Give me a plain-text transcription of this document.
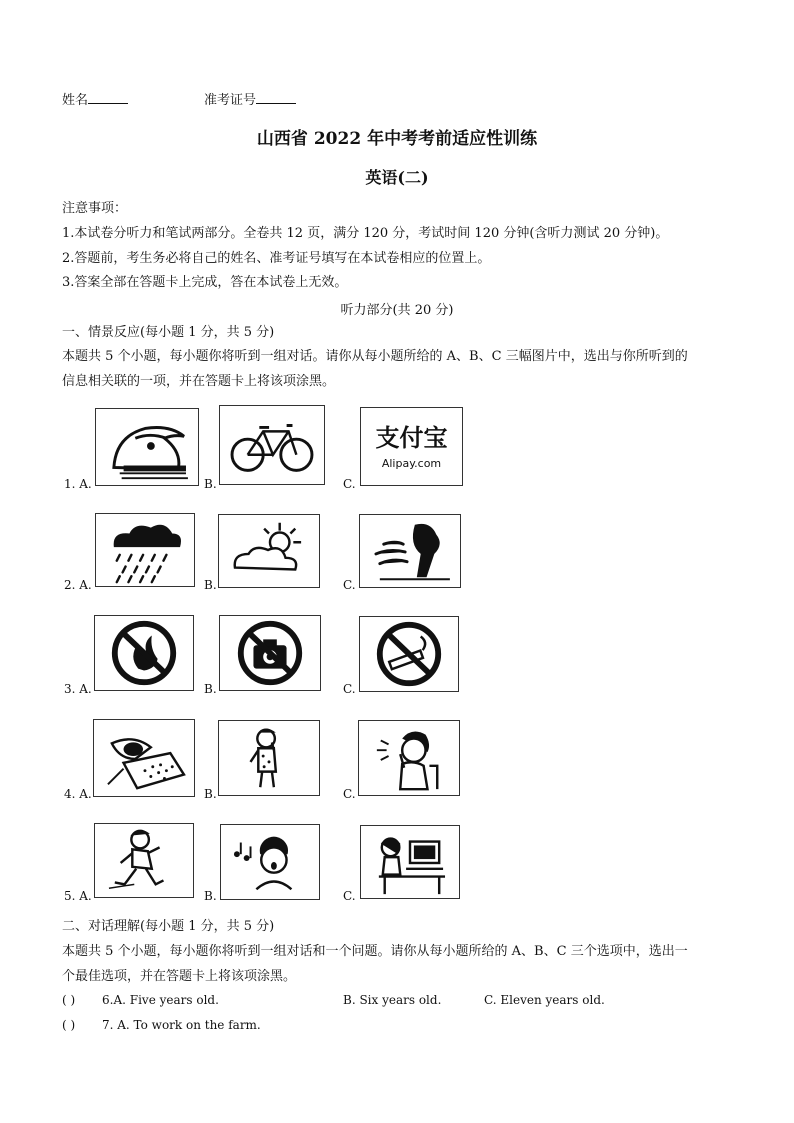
姓名	准考证号
山西省 2022 年中考考前适应性训练
英语(二)
注意事项：
1.本试卷分听力和笔试两部分。全卷共 12 页，满分 120 分，考试时间 120 分钟(含听力测试 20 分钟)。
2.答题前，考生务必将自己的姓名、准考证号填写在本试卷相应的位置上。
3.答案全部在答题卡上完成，答在本试卷上无效。
听力部分(共 20 分)
一、情景反应(每小题 1 分，共 5 分)
本题共 5 个小题，每小题你将听到一组对话。请你从每小题所给的 A、B、C 三幅图片中，选出与你所听到的
信息相关联的一项，并在答题卡上将该项涂黑。
1. A.	B.	C.
支付宝
Alipay.com
2. A.	B.	C.
3. A.	B.	C.
4. A.	B.	C.
5. A.	B.	C.
二、对话理解(每小题 1 分，共 5 分)
本题共 5 个小题，每小题你将听到一组对话和一个问题。请你从每小题所给的 A、B、C 三个选项中，选出一
个最佳选项，并在答题卡上将该项涂黑。
( ) 6.A. Five years old.	B. Six years old.	C. Eleven years old.
( ) 7. A. To work on the farm.
